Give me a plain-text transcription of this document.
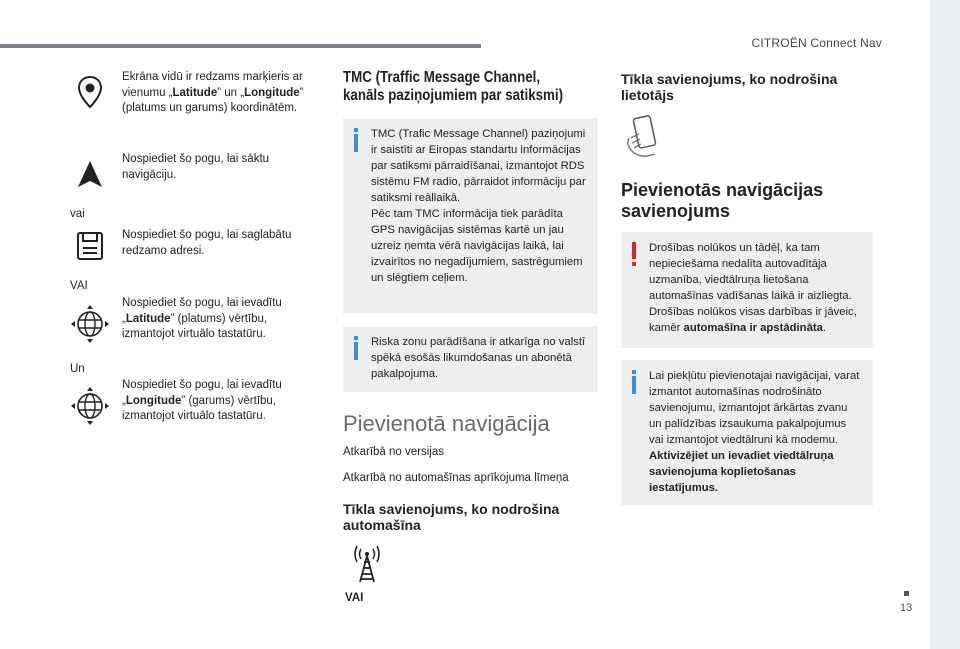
CITROËN Connect Nav
Ekrāna vidū ir redzams marķieris ar vienumu „Latitude” un „Longitude” (platums un garums) koordinātēm.
Nospiediet šo pogu, lai sāktu navigāciju.
vai
Nospiediet šo pogu, lai saglabātu redzamo adresi.
VAI
Nospiediet šo pogu, lai ievadītu „Latitude” (platums) vērtību, izmantojot virtuālo tastatūru.
Un
Nospiediet šo pogu, lai ievadītu „Longitude” (garums) vērtību, izmantojot virtuālo tastatūru.
TMC (Traffic Message Channel,
kanāls paziņojumiem par satiksmi)
TMC (Trafic Message Channel) paziņojumi ir saistīti ar Eiropas standartu informācijas par satiksmi pārraidīšanai, izmantojot RDS sistēmu FM radio, pārraidot informāciju par satiksmi reāllaikā.
Pēc tam TMC informācija tiek parādīta GPS navigācijas sistēmas kartē un jau uzreiz ņemta vērā navigācijas laikā, lai izvairītos no negadījumiem, sastrēgumiem un slēgtiem ceļiem.
Riska zonu parādīšana ir atkarīga no valstī spēkā esošās likumdošanas un abonētā pakalpojuma.
Pievienotā navigācija
Atkarībā no versijas
Atkarībā no automašīnas aprīkojuma līmeņa
Tīkla savienojums, ko nodrošina
automašīna
VAI
Tīkla savienojums, ko nodrošina
lietotājs
Pievienotās navigācijas
savienojums
Drošības nolūkos un tādēļ, ka tam nepieciešama nedalīta autovadītāja uzmanība, viedtālruņa lietošana automašīnas vadīšanas laikā ir aizliegta. Drošības nolūkos visas darbības ir jāveic, kamēr automašīna ir apstādināta.
Lai piekļūtu pievienotajai navigācijai, varat izmantot automašīnas nodrošināto savienojumu, izmantojot ārkārtas zvanu un palīdzības izsaukuma pakalpojumus vai izmantojot viedtālruni kā modemu.
Aktivizējiet un ievadiet viedtālruņa savienojuma koplietošanas iestatījumus.
13
